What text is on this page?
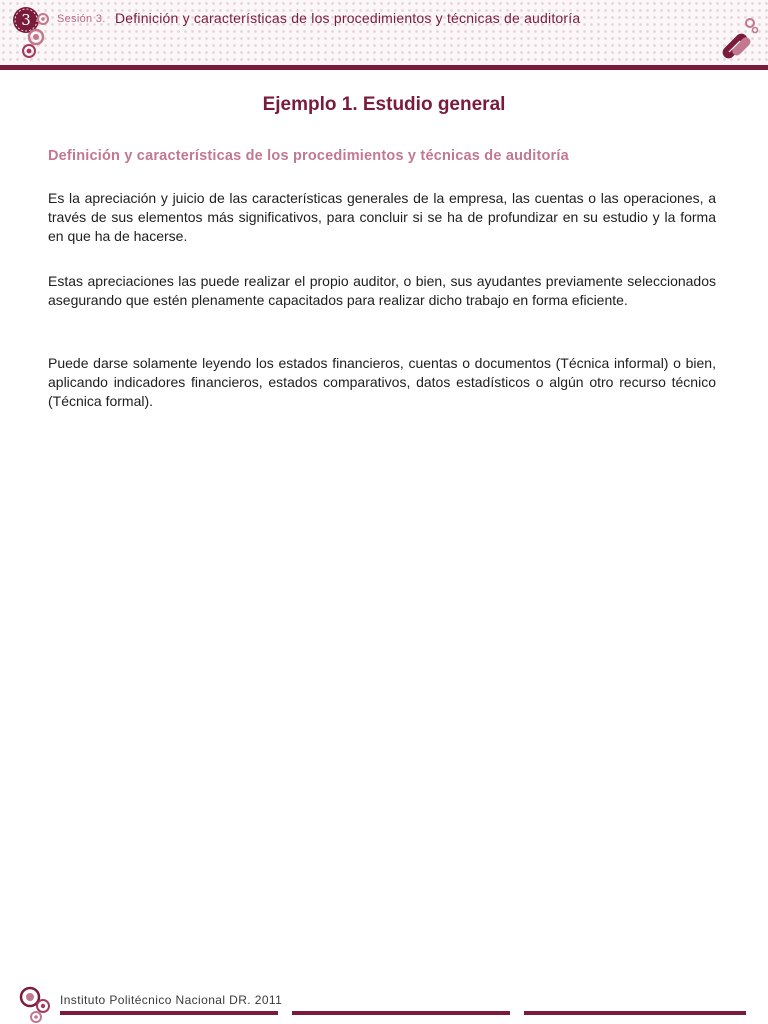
3	Sesión 3. Definición y características de los procedimientos y técnicas de auditoría
Ejemplo 1. Estudio general
Definición y características de los procedimientos y técnicas de auditoría

Es la apreciación y juicio de las características generales de la empresa, las cuentas o las operaciones, a través de sus elementos más significativos, para concluir si se ha de profundizar en su estudio y la forma en que ha de hacerse.

Estas apreciaciones las puede realizar el propio auditor, o bien, sus ayudantes previamente seleccionados asegurando que estén plenamente capacitados para realizar dicho trabajo en forma eficiente.

Puede darse solamente leyendo los estados financieros, cuentas o documentos (Técnica informal) o bien, aplicando indicadores financieros, estados comparativos, datos estadísticos o algún otro recurso técnico (Técnica formal).

Instituto Politécnico Nacional DR. 2011
